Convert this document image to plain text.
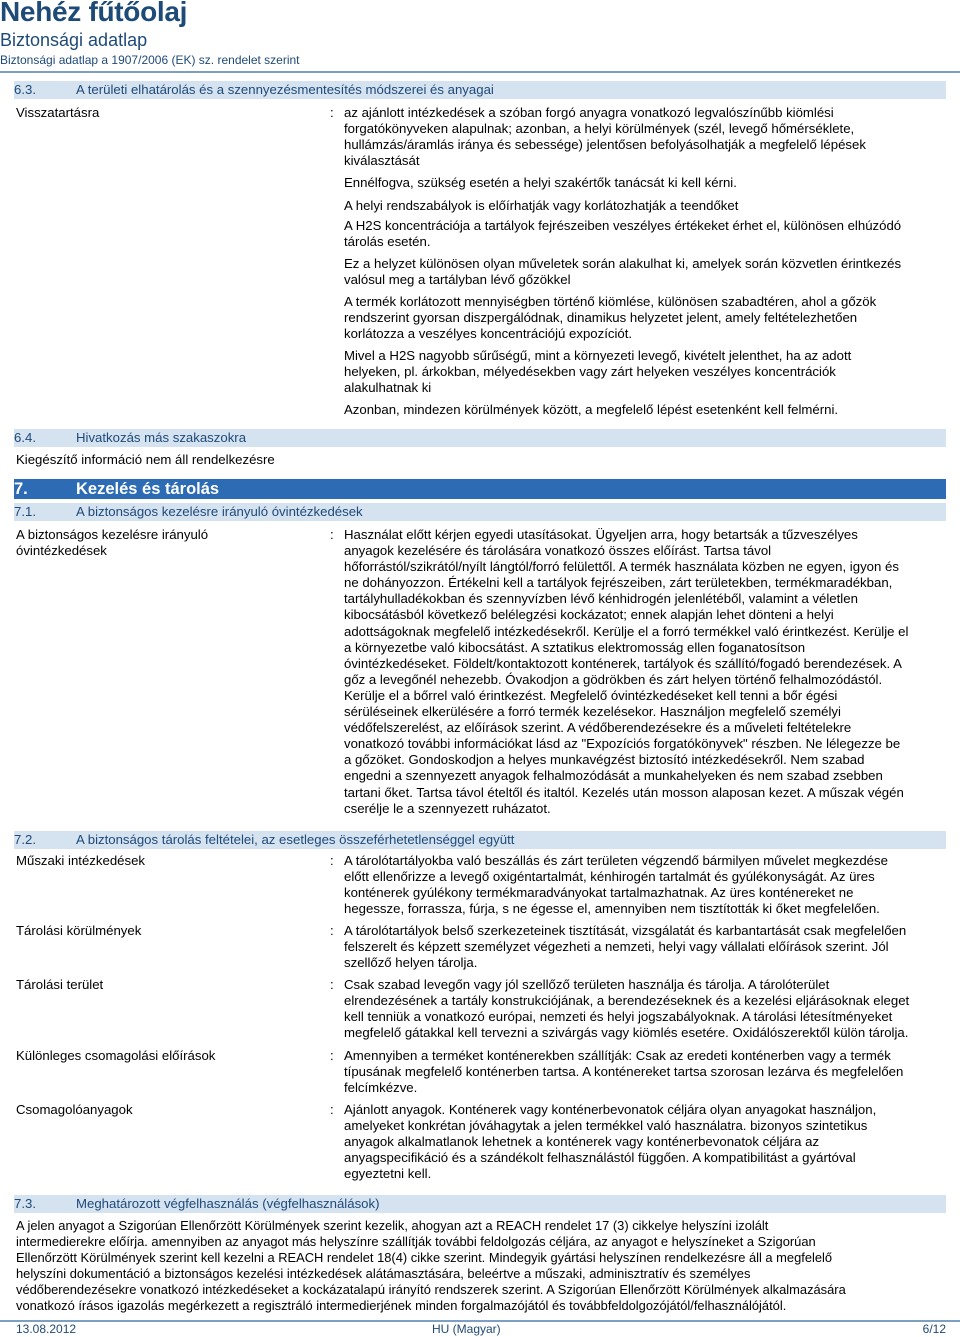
Nehéz fűtőolaj
Biztonsági adatlap
Biztonsági adatlap a 1907/2006 (EK) sz. rendelet szerint
6.3.	A területi elhatárolás és a szennyezésmentesítés módszerei és anyagai
Visszatartásra	: az ajánlott intézkedések a szóban forgó anyagra vonatkozó legvalószínűbb kiömlési
forgatókönyveken alapulnak; azonban, a helyi körülmények (szél, levegő hőmérséklete,
hullámzás/áramlás iránya és sebessége) jelentősen befolyásolhatják a megfelelő lépések
kiválasztását
Ennélfogva, szükség esetén a helyi szakértők tanácsát ki kell kérni.
A helyi rendszabályok is előírhatják vagy korlátozhatják a teendőket
A H2S koncentrációja a tartályok fejrészeiben veszélyes értékeket érhet el, különösen elhúzódó
tárolás esetén.
Ez a helyzet különösen olyan műveletek során alakulhat ki, amelyek során közvetlen érintkezés
valósul meg a tartályban lévő gőzökkel
A termék korlátozott mennyiségben történő kiömlése, különösen szabadtéren, ahol a gőzök
rendszerint gyorsan diszpergálódnak, dinamikus helyzetet jelent, amely feltételezhetően
korlátozza a veszélyes koncentrációjú expozíciót.
Mivel a H2S nagyobb sűrűségű, mint a környezeti levegő, kivételt jelenthet, ha az adott
helyeken, pl. árkokban, mélyedésekben vagy zárt helyeken veszélyes koncentrációk
alakulhatnak ki
Azonban, mindezen körülmények között, a megfelelő lépést esetenként kell felmérni.
6.4.	Hivatkozás más szakaszokra
Kiegészítő információ nem áll rendelkezésre
7.	Kezelés és tárolás
7.1.	A biztonságos kezelésre irányuló óvintézkedések
A biztonságos kezelésre irányuló
óvintézkedések
: Használat előtt kérjen egyedi utasításokat. Ügyeljen arra, hogy betartsák a tűzveszélyes
anyagok kezelésére és tárolására vonatkozó összes előírást. Tartsa távol
hőforrástól/szikrától/nyílt lángtól/forró felülettől. A termék használata közben ne egyen, igyon és
ne dohányozzon. Értékelni kell a tartályok fejrészeiben, zárt területekben, termékmaradékban,
tartályhulladékokban és szennyvízben lévő kénhidrogén jelenlétéből, valamint a véletlen
kibocsátásból következő belélegzési kockázatot; ennek alapján lehet dönteni a helyi
adottságoknak megfelelő intézkedésekről. Kerülje el a forró termékkel való érintkezést. Kerülje el
a környezetbe való kibocsátást. A sztatikus elektromosság ellen foganatosítson
óvintézkedéseket. Földelt/kontaktozott konténerek, tartályok és szállító/fogadó berendezések. A
gőz a levegőnél nehezebb. Óvakodjon a gödrökben és zárt helyen történő felhalmozódástól.
Kerülje el a bőrrel való érintkezést. Megfelelő óvintézkedéseket kell tenni a bőr égési
sérüléseinek elkerülésére a forró termék kezelésekor. Használjon megfelelő személyi
védőfelszerelést, az előírások szerint. A védőberendezésekre és a műveleti feltételekre
vonatkozó további információkat lásd az "Expozíciós forgatókönyvek" részben. Ne lélegezze be
a gőzöket. Gondoskodjon a helyes munkavégzést biztosító intézkedésekről. Nem szabad
engedni a szennyezett anyagok felhalmozódását a munkahelyeken és nem szabad zsebben
tartani őket. Tartsa távol ételtől és italtól. Kezelés után mosson alaposan kezet. A műszak végén
cserélje le a szennyezett ruházatot.
7.2.	A biztonságos tárolás feltételei, az esetleges összeférhetetlenséggel együtt
Műszaki intézkedések	: A tárolótartályokba való beszállás és zárt területen végzendő bármilyen művelet megkezdése
előtt ellenőrizze a levegő oxigéntartalmát, kénhirogén tartalmát és gyúlékonyságát. Az üres
konténerek gyúlékony termékmaradványokat tartalmazhatnak. Az üres konténereket ne
hegessze, forrassza, fúrja, s ne égesse el, amennyiben nem tisztították ki őket megfelelően.
Tárolási körülmények	: A tárolótartályok belső szerkezeteinek tisztítását, vizsgálatát és karbantartását csak megfelelően
felszerelt és képzett személyzet végezheti a nemzeti, helyi vagy vállalati előírások szerint. Jól
szellőző helyen tárolja.
Tárolási terület	: Csak szabad levegőn vagy jól szellőző területen használja és tárolja. A tárolóterület
elrendezésének a tartály konstrukciójának, a berendezéseknek és a kezelési eljárásoknak eleget
kell tenniük a vonatkozó európai, nemzeti és helyi jogszabályoknak. A tárolási létesítményeket
megfelelő gátakkal kell tervezni a szivárgás vagy kiömlés esetére. Oxidálószerektől külön tárolja.
Különleges csomagolási előírások	: Amennyiben a terméket konténerekben szállítják: Csak az eredeti konténerben vagy a termék
típusának megfelelő konténerben tartsa. A konténereket tartsa szorosan lezárva és megfelelően
felcímkézve.
Csomagolóanyagok	: Ajánlott anyagok. Konténerek vagy konténerbevonatok céljára olyan anyagokat használjon,
amelyeket konkrétan jóváhagytak a jelen termékkel való használatra. bizonyos szintetikus
anyagok alkalmatlanok lehetnek a konténerek vagy konténerbevonatok céljára az
anyagspecifikáció és a szándékolt felhasználástól függően. A kompatibilitást a gyártóval
egyeztetni kell.
7.3.	Meghatározott végfelhasználás (végfelhasználások)
A jelen anyagot a Szigorúan Ellenőrzött Körülmények szerint kezelik, ahogyan azt a REACH rendelet 17 (3) cikkelye helyszíni izolált
intermedierekre előírja. amennyiben az anyagot más helyszínre szállítják további feldolgozás céljára, az anyagot e helyszíneket a Szigorúan
Ellenőrzött Körülmények szerint kell kezelni a REACH rendelet 18(4) cikke szerint. Mindegyik gyártási helyszínen rendelkezésre áll a megfelelő
helyszíni dokumentáció a biztonságos kezelési intézkedések alátámasztására, beleértve a műszaki, adminisztratív és személyes
védőberendezésekre vonatkozó intézkedéseket a kockázatalapú irányító rendszerek szerint. A Szigorúan Ellenőrzött Körülmények alkalmazására
vonatkozó írásos igazolás megérkezett a regisztráló intermedierjének minden forgalmazójától és továbbfeldolgozójától/felhasználójától.
13.08.2012	HU (Magyar)	6/12
